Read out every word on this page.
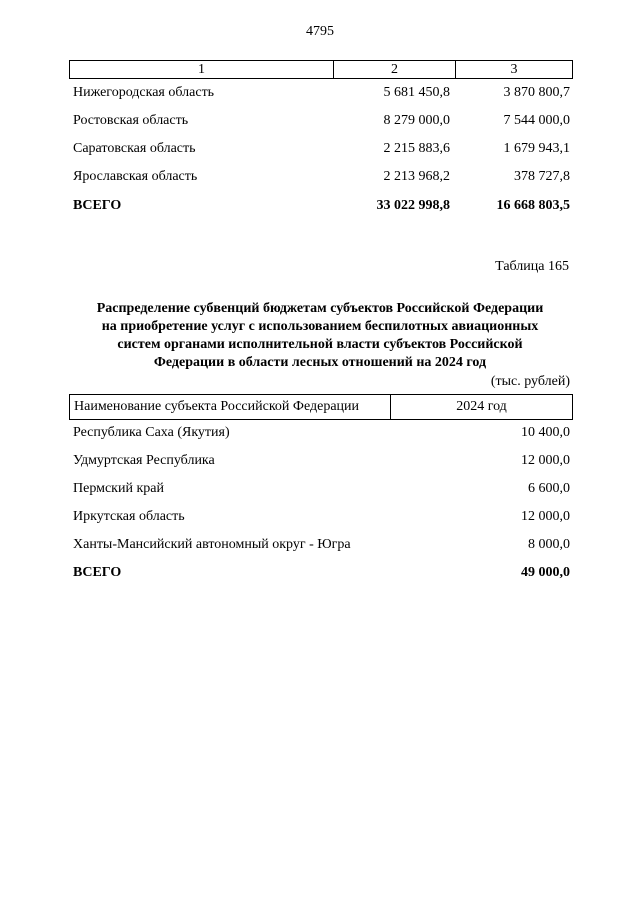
4795
1	2	3
Нижегородская область	5 681 450,8	3 870 800,7
Ростовская область	8 279 000,0	7 544 000,0
Саратовская область	2 215 883,6	1 679 943,1
Ярославская область	2 213 968,2	378 727,8
ВСЕГО	33 022 998,8	16 668 803,5
Таблица 165
Распределение субвенций бюджетам субъектов Российской Федерации
на приобретение услуг с использованием беспилотных авиационных
систем органами исполнительной власти субъектов Российской
Федерации в области лесных отношений на 2024 год
(тыс. рублей)
Наименование субъекта Российской Федерации	2024 год
Республика Саха (Якутия)	10 400,0
Удмуртская Республика	12 000,0
Пермский край	6 600,0
Иркутская область	12 000,0
Ханты-Мансийский автономный округ - Югра	8 000,0
ВСЕГО	49 000,0
